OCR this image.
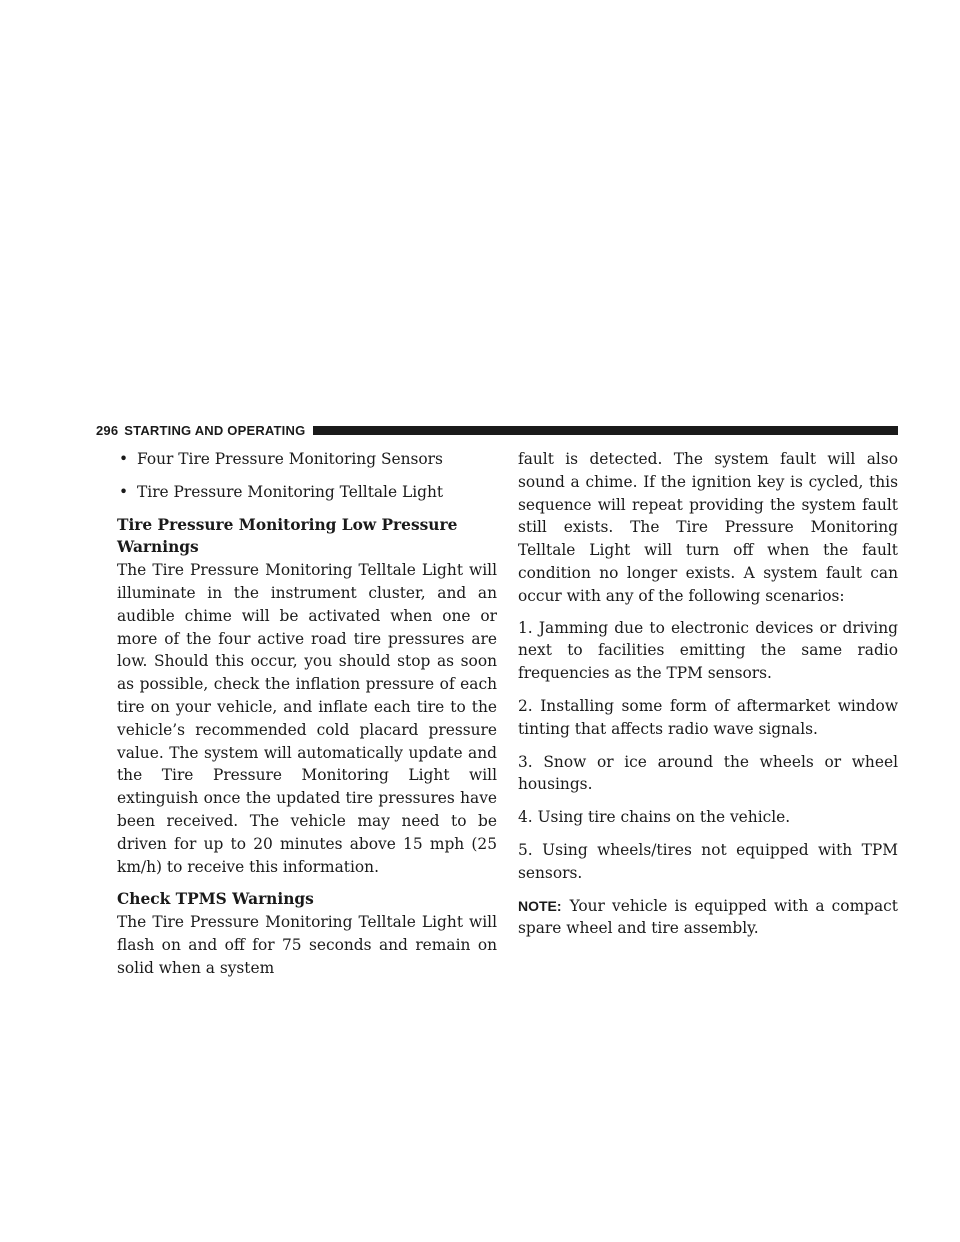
296 STARTING AND OPERATING
• Four Tire Pressure Monitoring Sensors
• Tire Pressure Monitoring Telltale Light
Tire Pressure Monitoring Low Pressure Warnings

The Tire Pressure Monitoring Telltale Light will illuminate in the instrument cluster, and an audible chime will be activated when one or more of the four active road tire pressures are low. Should this occur, you should stop as soon as possible, check the inflation pressure of each tire on your vehicle, and inflate each tire to the vehicle’s recommended cold placard pressure value. The system will automatically update and the Tire Pressure Monitoring Light will extinguish once the updated tire pressures have been received. The vehicle may need to be driven for up to 20 minutes above 15 mph (25 km/h) to receive this information.

Check TPMS Warnings

The Tire Pressure Monitoring Telltale Light will flash on and off for 75 seconds and remain on solid when a system

fault is detected. The system fault will also sound a chime. If the ignition key is cycled, this sequence will repeat providing the system fault still exists. The Tire Pressure Monitoring Telltale Light will turn off when the fault condition no longer exists. A system fault can occur with any of the following scenarios:

1. Jamming due to electronic devices or driving next to facilities emitting the same radio frequencies as the TPM sensors.

2. Installing some form of aftermarket window tinting that affects radio wave signals.

3. Snow or ice around the wheels or wheel housings.

4. Using tire chains on the vehicle.

5. Using wheels/tires not equipped with TPM sensors.

NOTE: Your vehicle is equipped with a compact spare wheel and tire assembly.
